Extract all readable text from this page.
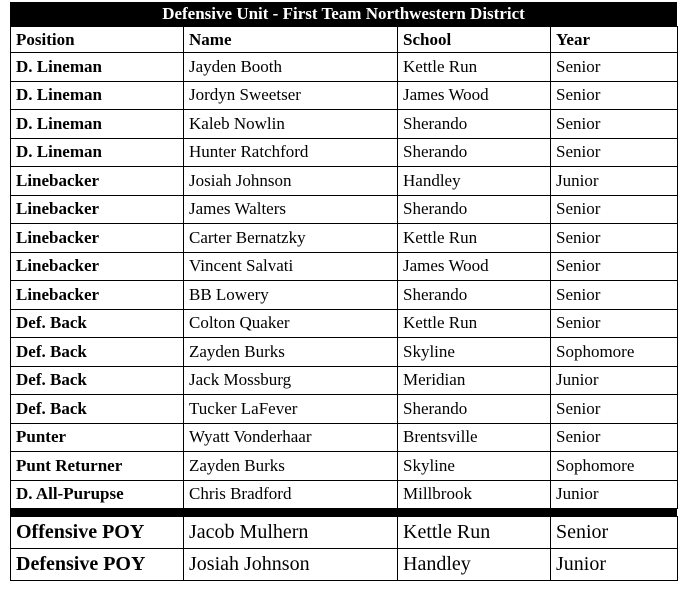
Defensive Unit - First Team Northwestern District
Position	Name	School	Year
D. Lineman	Jayden Booth	Kettle Run	Senior
D. Lineman	Jordyn Sweetser	James Wood	Senior
D. Lineman	Kaleb Nowlin	Sherando	Senior
D. Lineman	Hunter Ratchford	Sherando	Senior
Linebacker	Josiah Johnson	Handley	Junior
Linebacker	James Walters	Sherando	Senior
Linebacker	Carter Bernatzky	Kettle Run	Senior
Linebacker	Vincent Salvati	James Wood	Senior
Linebacker	BB Lowery	Sherando	Senior
Def. Back	Colton Quaker	Kettle Run	Senior
Def. Back	Zayden Burks	Skyline	Sophomore
Def. Back	Jack Mossburg	Meridian	Junior
Def. Back	Tucker LaFever	Sherando	Senior
Punter	Wyatt Vonderhaar	Brentsville	Senior
Punt Returner	Zayden Burks	Skyline	Sophomore
D. All-Purupse	Chris Bradford	Millbrook	Junior
Offensive POY	Jacob Mulhern	Kettle Run	Senior
Defensive POY	Josiah Johnson	Handley	Junior
